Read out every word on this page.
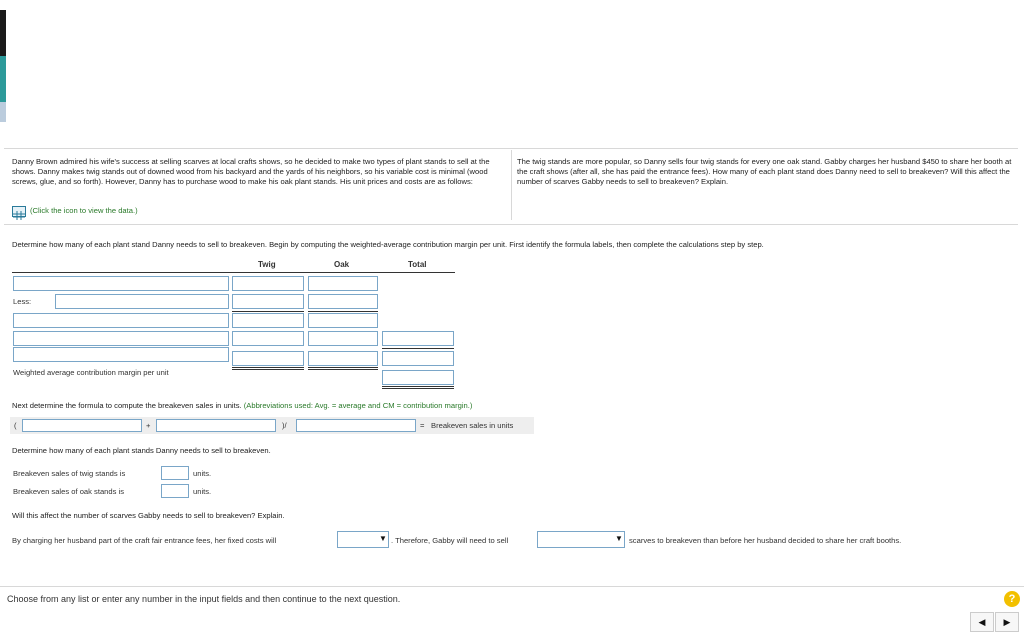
Danny Brown admired his wife's success at selling scarves at local crafts shows, so he decided to make two types of plant stands to sell at the shows. Danny makes twig stands out of downed wood from his backyard and the yards of his neighbors, so his variable cost is minimal (wood screws, glue, and so forth). However, Danny has to purchase wood to make his oak plant stands. His unit prices and costs are as follows:
(Click the icon to view the data.)
The twig stands are more popular, so Danny sells four twig stands for every one oak stand. Gabby charges her husband $450 to share her booth at the craft shows (after all, she has paid the entrance fees). How many of each plant stand does Danny need to sell to breakeven? Will this affect the number of scarves Gabby needs to sell to breakeven? Explain.
Determine how many of each plant stand Danny needs to sell to breakeven. Begin by computing the weighted-average contribution margin per unit. First identify the formula labels, then complete the calculations step by step.
Twig	Oak	Total
Less:
Weighted average contribution margin per unit
Next determine the formula to compute the breakeven sales in units. (Abbreviations used: Avg. = average and CM = contribution margin.)
(	+	)/	= Breakeven sales in units
Determine how many of each plant stands Danny needs to sell to breakeven.
Breakeven sales of twig stands is	units.
Breakeven sales of oak stands is	units.
Will this affect the number of scarves Gabby needs to sell to breakeven? Explain.
By charging her husband part of the craft fair entrance fees, her fixed costs will	▼ . Therefore, Gabby will need to sell	▼ scarves to breakeven than before her husband decided to share her craft booths.
Choose from any list or enter any number in the input fields and then continue to the next question.	?
◀	▶
